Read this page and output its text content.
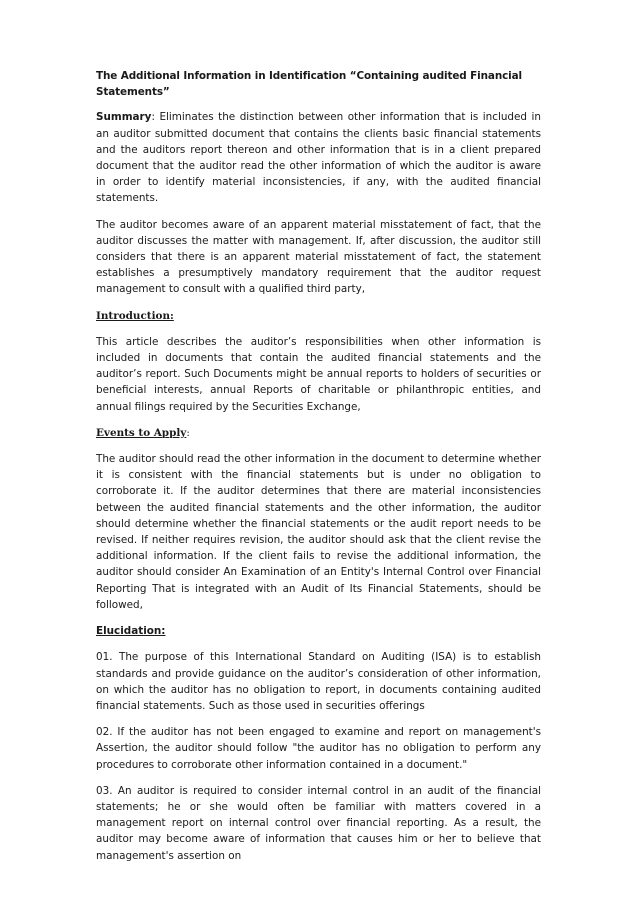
The Additional Information in Identification “Containing audited Financial Statements”

Summary: Eliminates the distinction between other information that is included in an auditor submitted document that contains the clients basic financial statements and the auditors report thereon and other information that is in a client prepared document that the auditor read the other information of which the auditor is aware in order to identify material inconsistencies, if any, with the audited financial statements.

The auditor becomes aware of an apparent material misstatement of fact, that the auditor discusses the matter with management. If, after discussion, the auditor still considers that there is an apparent material misstatement of fact, the statement establishes a presumptively mandatory requirement that the auditor request management to consult with a qualified third party,

Introduction:

This article describes the auditor’s responsibilities when other information is included in documents that contain the audited financial statements and the auditor’s report. Such Documents might be annual reports to holders of securities or beneficial interests, annual Reports of charitable or philanthropic entities, and annual filings required by the Securities Exchange,

Events to Apply:

The auditor should read the other information in the document to determine whether it is consistent with the financial statements but is under no obligation to corroborate it. If the auditor determines that there are material inconsistencies between the audited financial statements and the other information, the auditor should determine whether the financial statements or the audit report needs to be revised. If neither requires revision, the auditor should ask that the client revise the additional information. If the client fails to revise the additional information, the auditor should consider An Examination of an Entity's Internal Control over Financial Reporting That is integrated with an Audit of Its Financial Statements, should be followed,

Elucidation:

01. The purpose of this International Standard on Auditing (ISA) is to establish standards and provide guidance on the auditor’s consideration of other information, on which the auditor has no obligation to report, in documents containing audited financial statements. Such as those used in securities offerings

02. If the auditor has not been engaged to examine and report on management's Assertion, the auditor should follow "the auditor has no obligation to perform any procedures to corroborate other information contained in a document."

03. An auditor is required to consider internal control in an audit of the financial statements; he or she would often be familiar with matters covered in a management report on internal control over financial reporting. As a result, the auditor may become aware of information that causes him or her to believe that management's assertion on
